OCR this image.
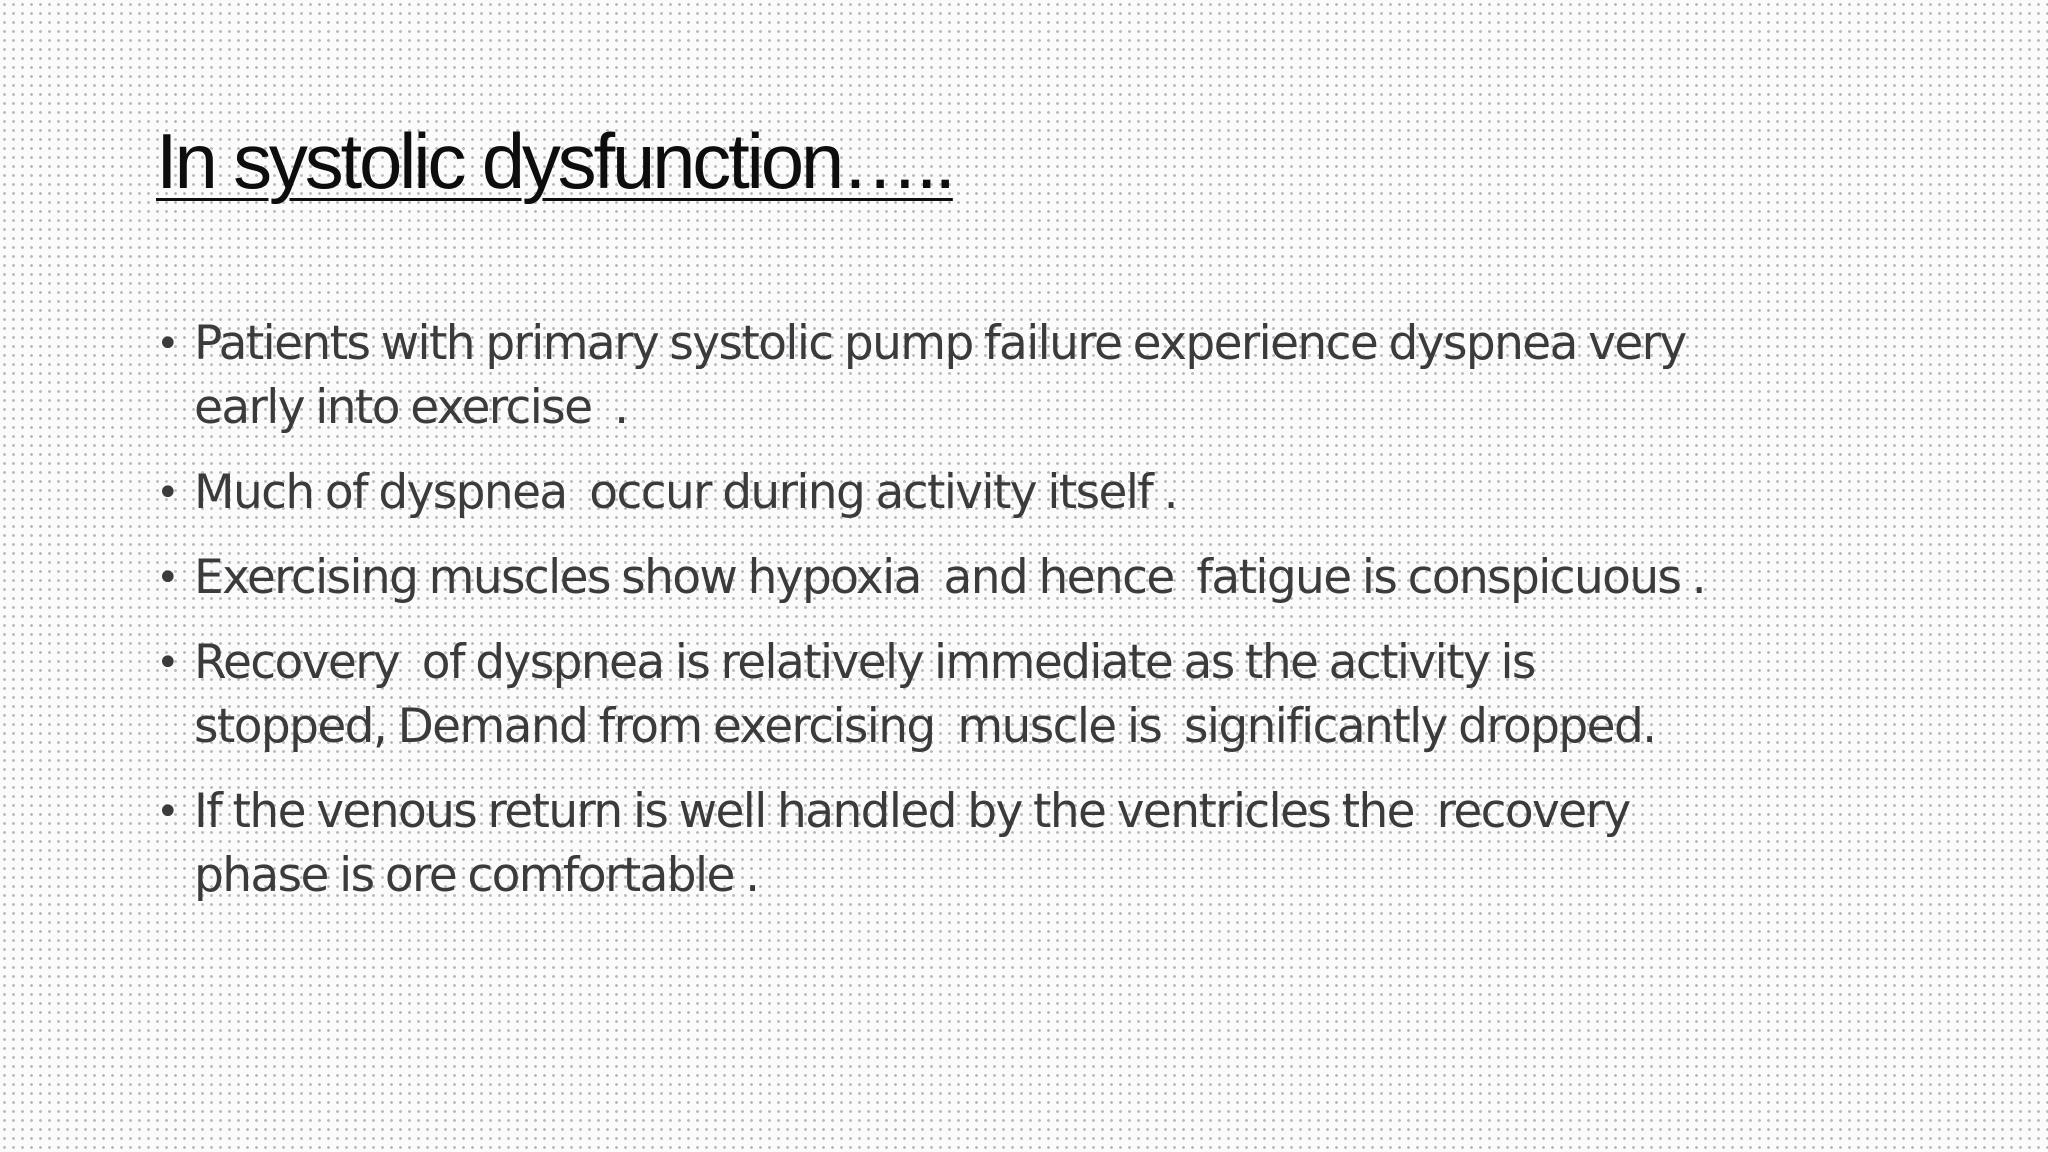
In systolic dysfunction…..
• Patients with primary systolic pump failure experience dyspnea very
early into exercise  .
• Much of dyspnea  occur during activity itself .
• Exercising muscles show hypoxia  and hence  fatigue is conspicuous .
• Recovery  of dyspnea is relatively immediate as the activity is
stopped, Demand from exercising  muscle is  significantly dropped.
• If the venous return is well handled by the ventricles the  recovery
phase is ore comfortable .
